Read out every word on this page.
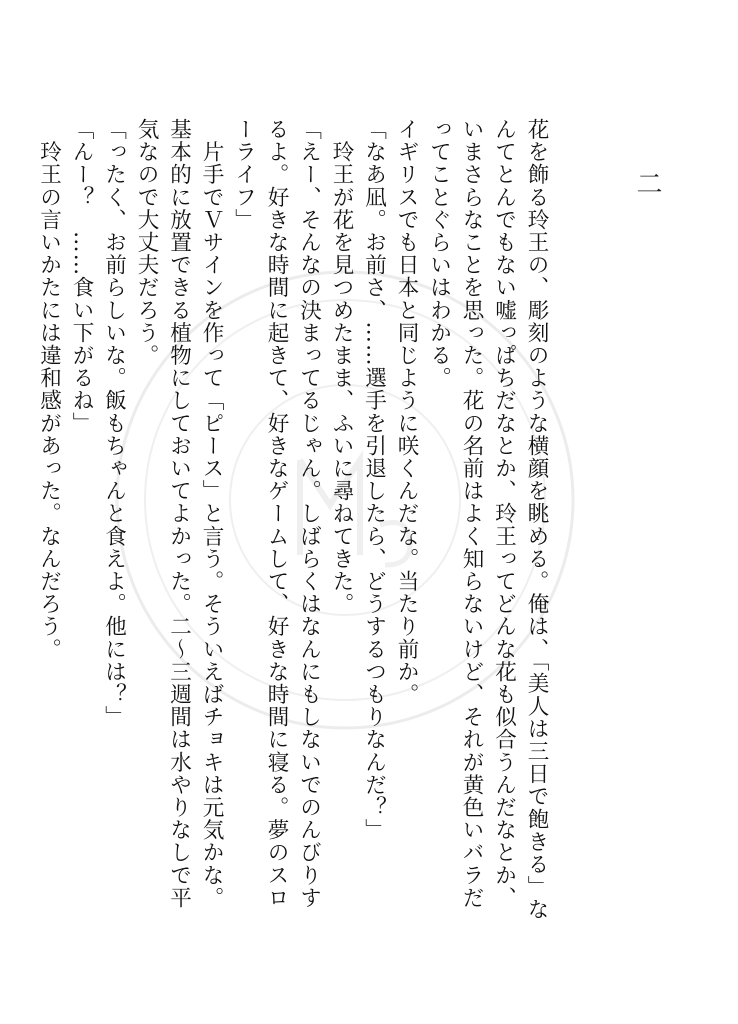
二

花を飾る玲王の、彫刻のような横顔を眺める。俺は、「美人は三日で飽きる」なんてとんでもない嘘っぱちだなとか、玲王ってどんな花も似合うんだなとか、いまさらなことを思った。花の名前はよく知らないけど、それが黄色いバラだってことぐらいはわかる。

イギリスでも日本と同じように咲くんだな。当たり前か。

「なあ凪。お前さ、……選手を引退したら、どうするつもりなんだ？」

　玲王が花を見つめたまま、ふいに尋ねてきた。

「えー、そんなの決まってるじゃん。しばらくはなんにもしないでのんびりするよ。好きな時間に起きて、好きなゲームして、好きな時間に寝る。夢のスローライフ」

　片手でＶサインを作って「ピース」と言う。そういえばチョキは元気かな。基本的に放置できる植物にしておいてよかった。二〜三週間は水やりなしで平気なので大丈夫だろう。

「ったく、お前らしいな。飯もちゃんと食えよ。他には？」

「んー？　……食い下がるね」

　玲王の言いかたには違和感があった。なんだろう。
